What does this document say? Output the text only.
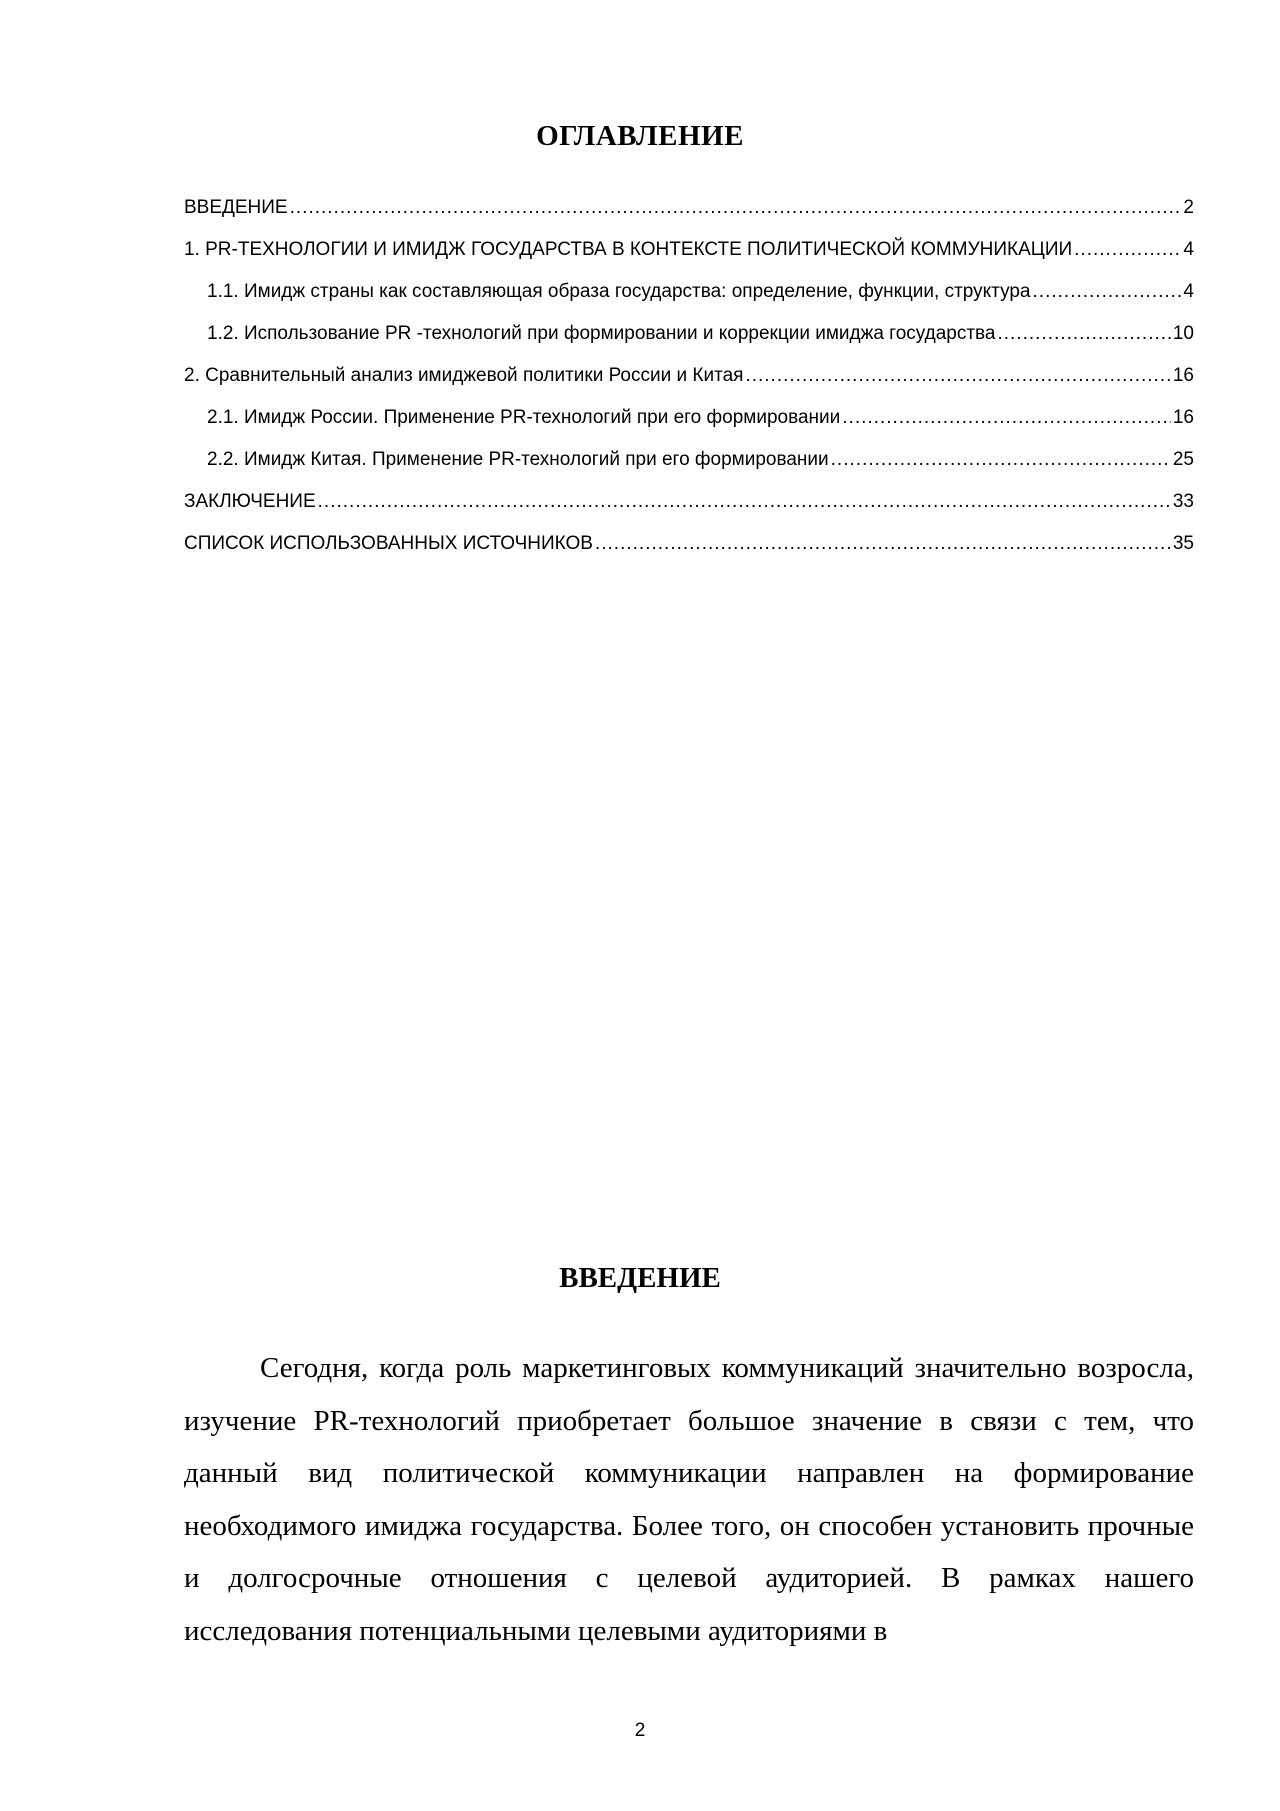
ОГЛАВЛЕНИЕ
ВВЕДЕНИЕ .....	2
1. PR-ТЕХНОЛОГИИ И ИМИДЖ ГОСУДАРСТВА В КОНТЕКСТЕ ПОЛИТИЧЕСКОЙ КОММУНИКАЦИИ .....	4
1.1. Имидж страны как составляющая образа государства: определение, функции, структура .....	4
1.2. Использование PR -технологий при формировании и коррекции имиджа государства .....	10
2. Сравнительный анализ имиджевой политики России и Китая .....	16
2.1. Имидж России. Применение PR-технологий при его формировании .....	16
2.2. Имидж Китая. Применение PR-технологий при его формировании .....	25
ЗАКЛЮЧЕНИЕ .....	33
СПИСОК ИСПОЛЬЗОВАННЫХ ИСТОЧНИКОВ .....	35
ВВЕДЕНИЕ

Сегодня, когда роль маркетинговых коммуникаций значительно возросла, изучение PR-технологий приобретает большое значение в связи с тем, что данный вид политической коммуникации направлен на формирование необходимого имиджа государства. Более того, он способен установить прочные и долгосрочные отношения с целевой аудиторией. В рамках нашего исследования потенциальными целевыми аудиториями в

2
